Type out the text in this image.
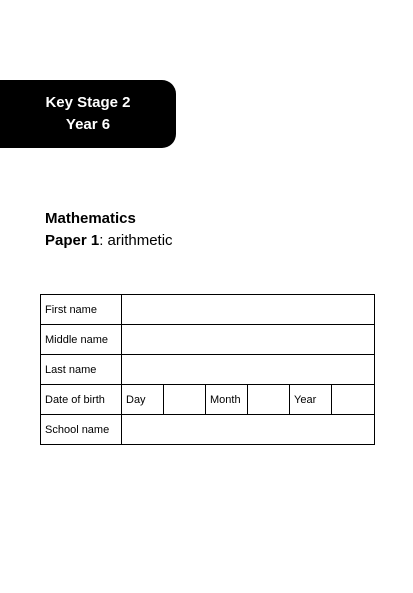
Key Stage 2
Year 6
Mathematics
Paper 1: arithmetic
First name						
Middle name						
Last name						
Date of birth	Day		Month		Year	
School name						
